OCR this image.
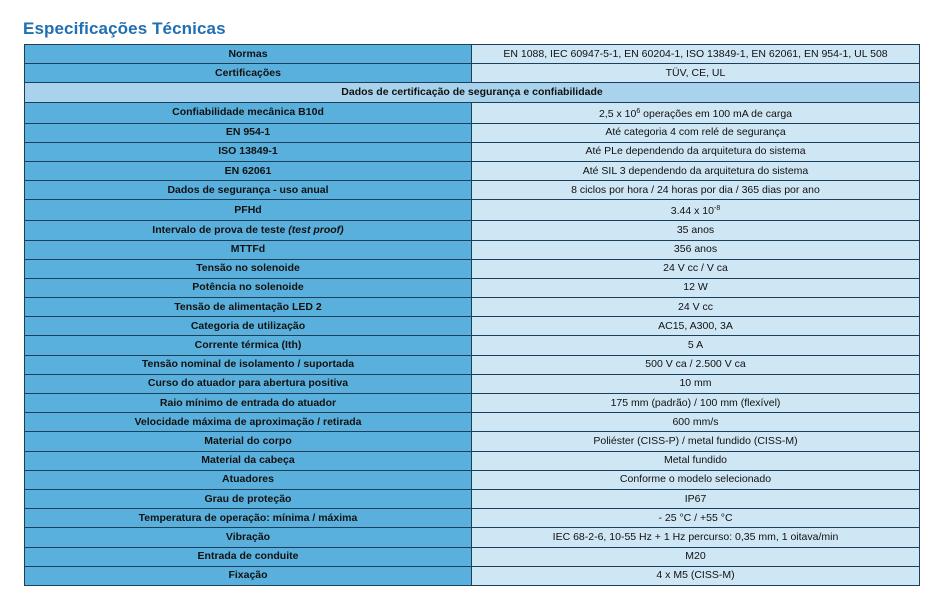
Especificações Técnicas
Normas	EN 1088, IEC 60947-5-1, EN 60204-1, ISO 13849-1, EN 62061, EN 954-1, UL 508
Certificações	TÜV, CE, UL
Dados de certificação de segurança e confiabilidade	
Confiabilidade mecânica B10d	2,5 x $10^6$ operações em 100 mA de carga
EN 954-1	Até categoria 4 com relé de segurança
ISO 13849-1	Até PLe dependendo da arquitetura do sistema
EN 62061	Até SIL 3 dependendo da arquitetura do sistema
Dados de segurança - uso anual	8 ciclos por hora / 24 horas por dia / 365 dias por ano
PFHd	3.44 x $10^{-8}$
Intervalo de prova de teste (test proof)	35 anos
MTTFd	356 anos
Tensão no solenoide	24 V cc / V ca
Potência no solenoide	12 W
Tensão de alimentação LED 2	24 V cc
Categoria de utilização	AC15, A300, 3A
Corrente térmica (Ith)	5 A
Tensão nominal de isolamento / suportada	500 V ca / 2.500 V ca
Curso do atuador para abertura positiva	10 mm
Raio mínimo de entrada do atuador	175 mm (padrão) / 100 mm (flexível)
Velocidade máxima de aproximação / retirada	600 mm/s
Material do corpo	Poliéster (CISS-P) / metal fundido (CISS-M)
Material da cabeça	Metal fundido
Atuadores	Conforme o modelo selecionado
Grau de proteção	IP67
Temperatura de operação: mínima / máxima	- 25 °C / +55 °C
Vibração	IEC 68-2-6, 10-55 Hz + 1 Hz percurso: 0,35 mm, 1 oitava/min
Entrada de conduite	M20
Fixação	4 x M5 (CISS-M)
